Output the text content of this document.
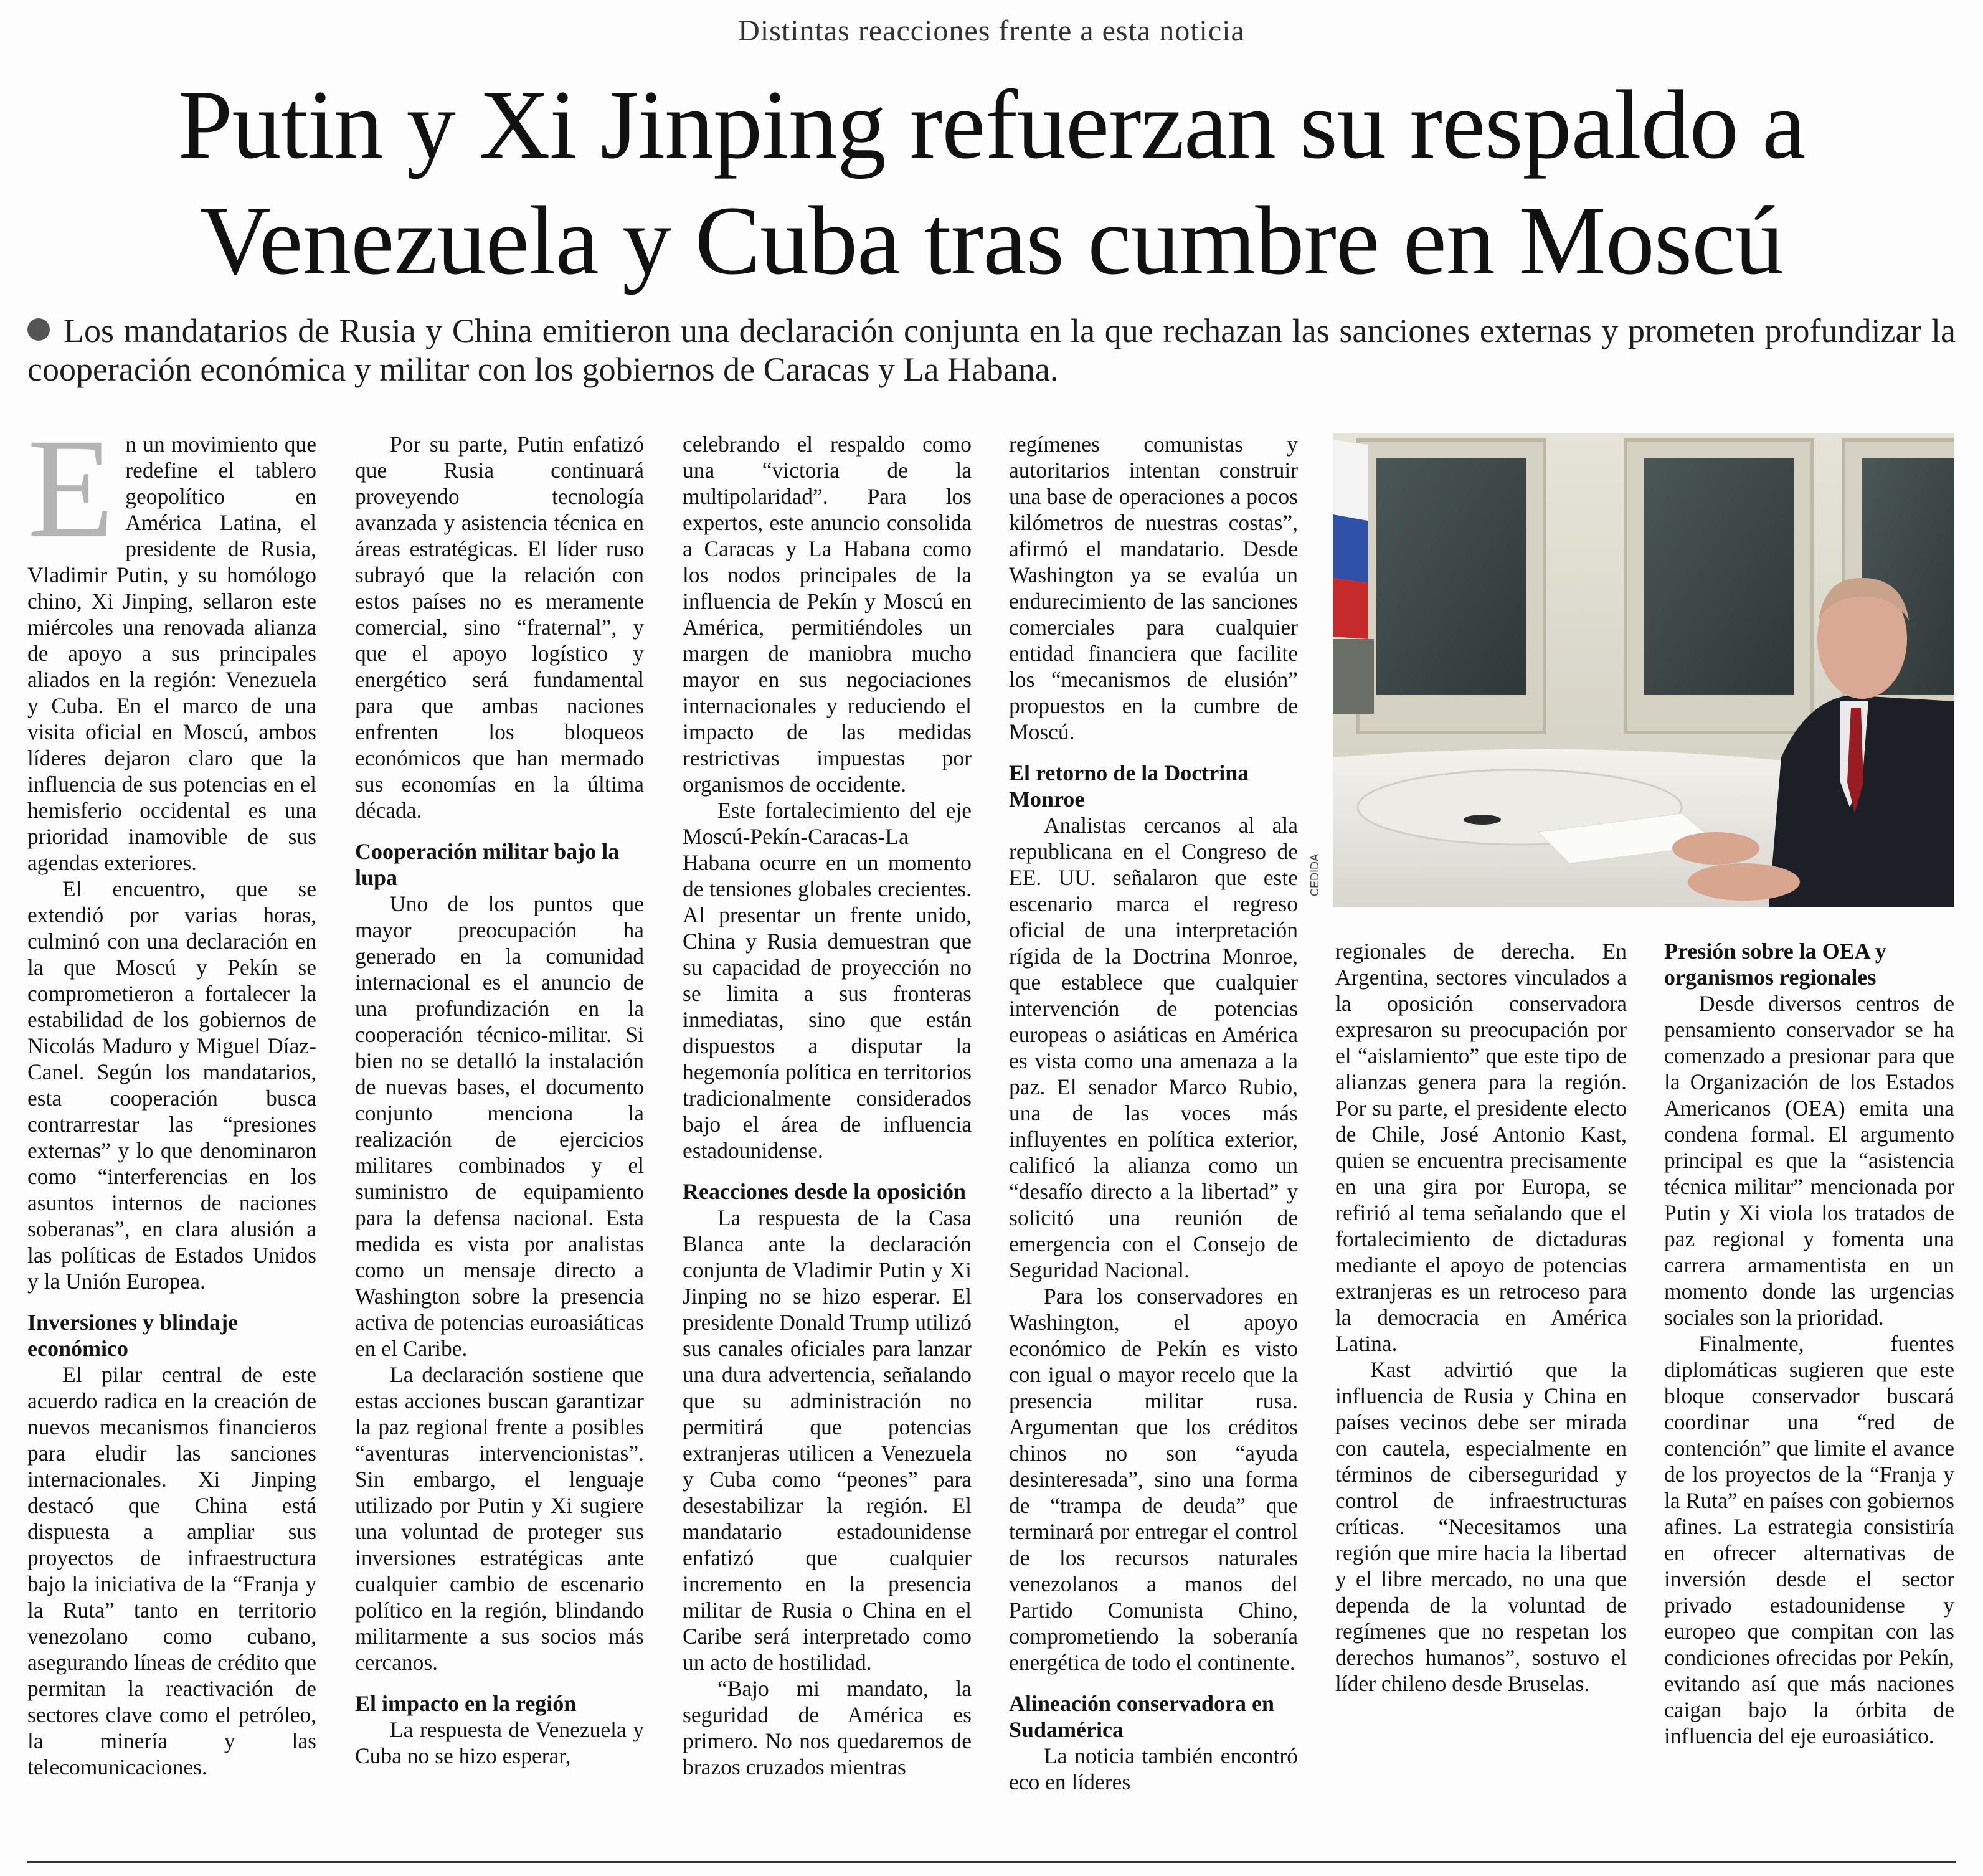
Distintas reacciones frente a esta noticia
Putin y Xi Jinping refuerzan su respaldo a
Venezuela y Cuba tras cumbre en Moscú
Los mandatarios de Rusia y China emitieron una declaración conjunta en la que rechazan las sanciones externas y prometen profundizar la cooperación económica y militar con los gobiernos de Caracas y La Habana.

En un movimiento que redefine el tablero geopolítico en América Latina, el presidente de Rusia, Vladimir Putin, y su homólogo chino, Xi Jinping, sellaron este miércoles una renovada alianza de apoyo a sus principales aliados en la región: Venezuela y Cuba. En el marco de una visita oficial en Moscú, ambos líderes dejaron claro que la influencia de sus potencias en el hemisferio occidental es una prioridad inamovible de sus agendas exteriores.

El encuentro, que se extendió por varias horas, culminó con una declaración en la que Moscú y Pekín se comprometieron a fortalecer la estabilidad de los gobiernos de Nicolás Maduro y Miguel Díaz-Canel. Según los mandatarios, esta cooperación busca contrarrestar las “presiones externas” y lo que denominaron como “interferencias en los asuntos internos de naciones soberanas”, en clara alusión a las políticas de Estados Unidos y la Unión Europea.

Inversiones y blindaje económico

El pilar central de este acuerdo radica en la creación de nuevos mecanismos financieros para eludir las sanciones internacionales. Xi Jinping destacó que China está dispuesta a ampliar sus proyectos de infraestructura bajo la iniciativa de la “Franja y la Ruta” tanto en territorio venezolano como cubano, asegurando líneas de crédito que permitan la reactivación de sectores clave como el petróleo, la minería y las telecomunicaciones.

Por su parte, Putin enfatizó que Rusia continuará proveyendo tecnología avanzada y asistencia técnica en áreas estratégicas. El líder ruso subrayó que la relación con estos países no es meramente comercial, sino “fraternal”, y que el apoyo logístico y energético será fundamental para que ambas naciones enfrenten los bloqueos económicos que han mermado sus economías en la última década.

Cooperación militar bajo la lupa

Uno de los puntos que mayor preocupación ha generado en la comunidad internacional es el anuncio de una profundización en la cooperación técnico-militar. Si bien no se detalló la instalación de nuevas bases, el documento conjunto menciona la realización de ejercicios militares combinados y el suministro de equipamiento para la defensa nacional. Esta medida es vista por analistas como un mensaje directo a Washington sobre la presencia activa de potencias euroasiáticas en el Caribe.

La declaración sostiene que estas acciones buscan garantizar la paz regional frente a posibles “aventuras intervencionistas”. Sin embargo, el lenguaje utilizado por Putin y Xi sugiere una voluntad de proteger sus inversiones estratégicas ante cualquier cambio de escenario político en la región, blindando militarmente a sus socios más cercanos.

El impacto en la región

La respuesta de Venezuela y Cuba no se hizo esperar,

celebrando el respaldo como una “victoria de la multipolaridad”. Para los expertos, este anuncio consolida a Caracas y La Habana como los nodos principales de la influencia de Pekín y Moscú en América, permitiéndoles un margen de maniobra mucho mayor en sus negociaciones internacionales y reduciendo el impacto de las medidas restrictivas impuestas por organismos de occidente.

Este fortalecimiento del eje Moscú-Pekín-Caracas-La Habana ocurre en un momento de tensiones globales crecientes. Al presentar un frente unido, China y Rusia demuestran que su capacidad de proyección no se limita a sus fronteras inmediatas, sino que están dispuestos a disputar la hegemonía política en territorios tradicionalmente considerados bajo el área de influencia estadounidense.

Reacciones desde la oposición

La respuesta de la Casa Blanca ante la declaración conjunta de Vladimir Putin y Xi Jinping no se hizo esperar. El presidente Donald Trump utilizó sus canales oficiales para lanzar una dura advertencia, señalando que su administración no permitirá que potencias extranjeras utilicen a Venezuela y Cuba como “peones” para desestabilizar la región. El mandatario estadounidense enfatizó que cualquier incremento en la presencia militar de Rusia o China en el Caribe será interpretado como un acto de hostilidad.

“Bajo mi mandato, la seguridad de América es primero. No nos quedaremos de brazos cruzados mientras

regímenes comunistas y autoritarios intentan construir una base de operaciones a pocos kilómetros de nuestras costas”, afirmó el mandatario. Desde Washington ya se evalúa un endurecimiento de las sanciones comerciales para cualquier entidad financiera que facilite los “mecanismos de elusión” propuestos en la cumbre de Moscú.

El retorno de la Doctrina Monroe

Analistas cercanos al ala republicana en el Congreso de EE. UU. señalaron que este escenario marca el regreso oficial de una interpretación rígida de la Doctrina Monroe, que establece que cualquier intervención de potencias europeas o asiáticas en América es vista como una amenaza a la paz. El senador Marco Rubio, una de las voces más influyentes en política exterior, calificó la alianza como un “desafío directo a la libertad” y solicitó una reunión de emergencia con el Consejo de Seguridad Nacional.

Para los conservadores en Washington, el apoyo económico de Pekín es visto con igual o mayor recelo que la presencia militar rusa. Argumentan que los créditos chinos no son “ayuda desinteresada”, sino una forma de “trampa de deuda” que terminará por entregar el control de los recursos naturales venezolanos a manos del Partido Comunista Chino, comprometiendo la soberanía energética de todo el continente.

Alineación conservadora en Sudamérica

La noticia también encontró eco en líderes

CEDIDA

regionales de derecha. En Argentina, sectores vinculados a la oposición conservadora expresaron su preocupación por el “aislamiento” que este tipo de alianzas genera para la región. Por su parte, el presidente electo de Chile, José Antonio Kast, quien se encuentra precisamente en una gira por Europa, se refirió al tema señalando que el fortalecimiento de dictaduras mediante el apoyo de potencias extranjeras es un retroceso para la democracia en América Latina.

Kast advirtió que la influencia de Rusia y China en países vecinos debe ser mirada con cautela, especialmente en términos de ciberseguridad y control de infraestructuras críticas. “Necesitamos una región que mire hacia la libertad y el libre mercado, no una que dependa de la voluntad de regímenes que no respetan los derechos humanos”, sostuvo el líder chileno desde Bruselas.

Presión sobre la OEA y organismos regionales

Desde diversos centros de pensamiento conservador se ha comenzado a presionar para que la Organización de los Estados Americanos (OEA) emita una condena formal. El argumento principal es que la “asistencia técnica militar” mencionada por Putin y Xi viola los tratados de paz regional y fomenta una carrera armamentista en un momento donde las urgencias sociales son la prioridad.

Finalmente, fuentes diplomáticas sugieren que este bloque conservador buscará coordinar una “red de contención” que limite el avance de los proyectos de la “Franja y la Ruta” en países con gobiernos afines. La estrategia consistiría en ofrecer alternativas de inversión desde el sector privado estadounidense y europeo que compitan con las condiciones ofrecidas por Pekín, evitando así que más naciones caigan bajo la órbita de influencia del eje euroasiático.
